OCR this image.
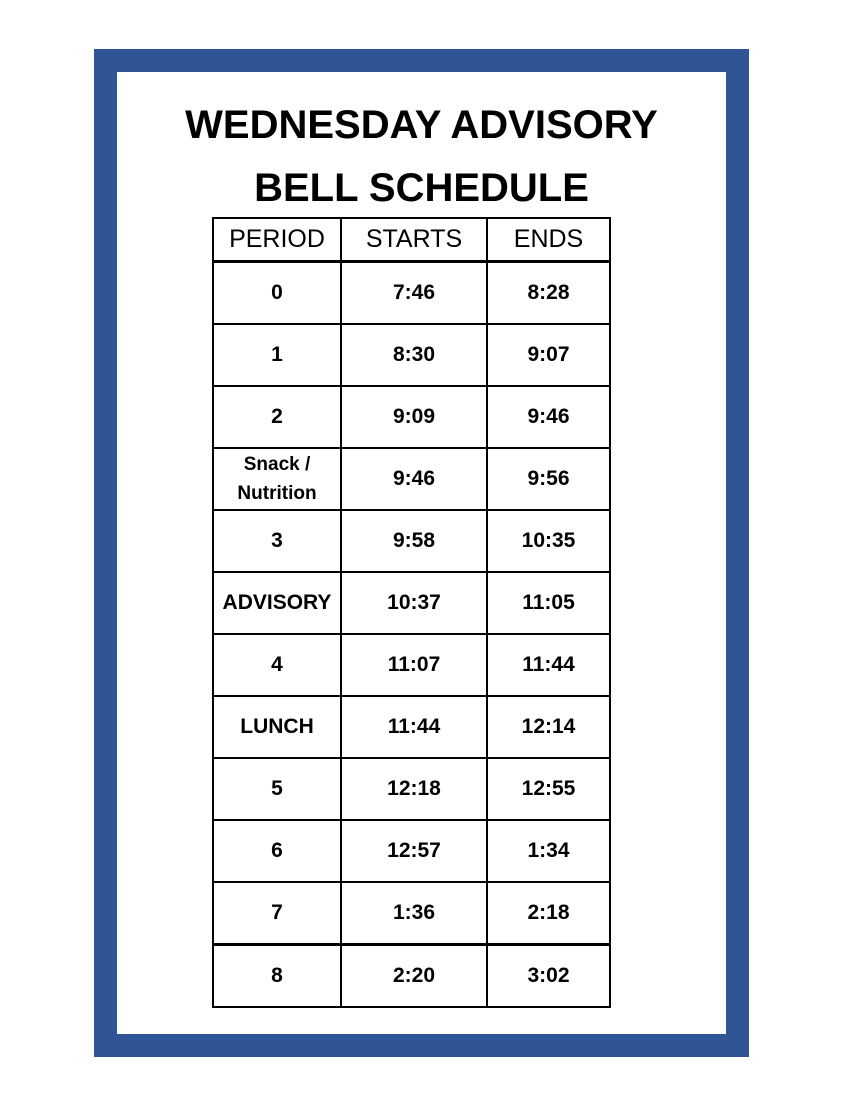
WEDNESDAY ADVISORY
BELL SCHEDULE
PERIOD	STARTS	ENDS
0	7:46	8:28
1	8:30	9:07
2	9:09	9:46
Snack /
Nutrition	9:46	9:56
3	9:58	10:35
ADVISORY	10:37	11:05
4	11:07	11:44
LUNCH	11:44	12:14
5	12:18	12:55
6	12:57	1:34
7	1:36	2:18
8	2:20	3:02
